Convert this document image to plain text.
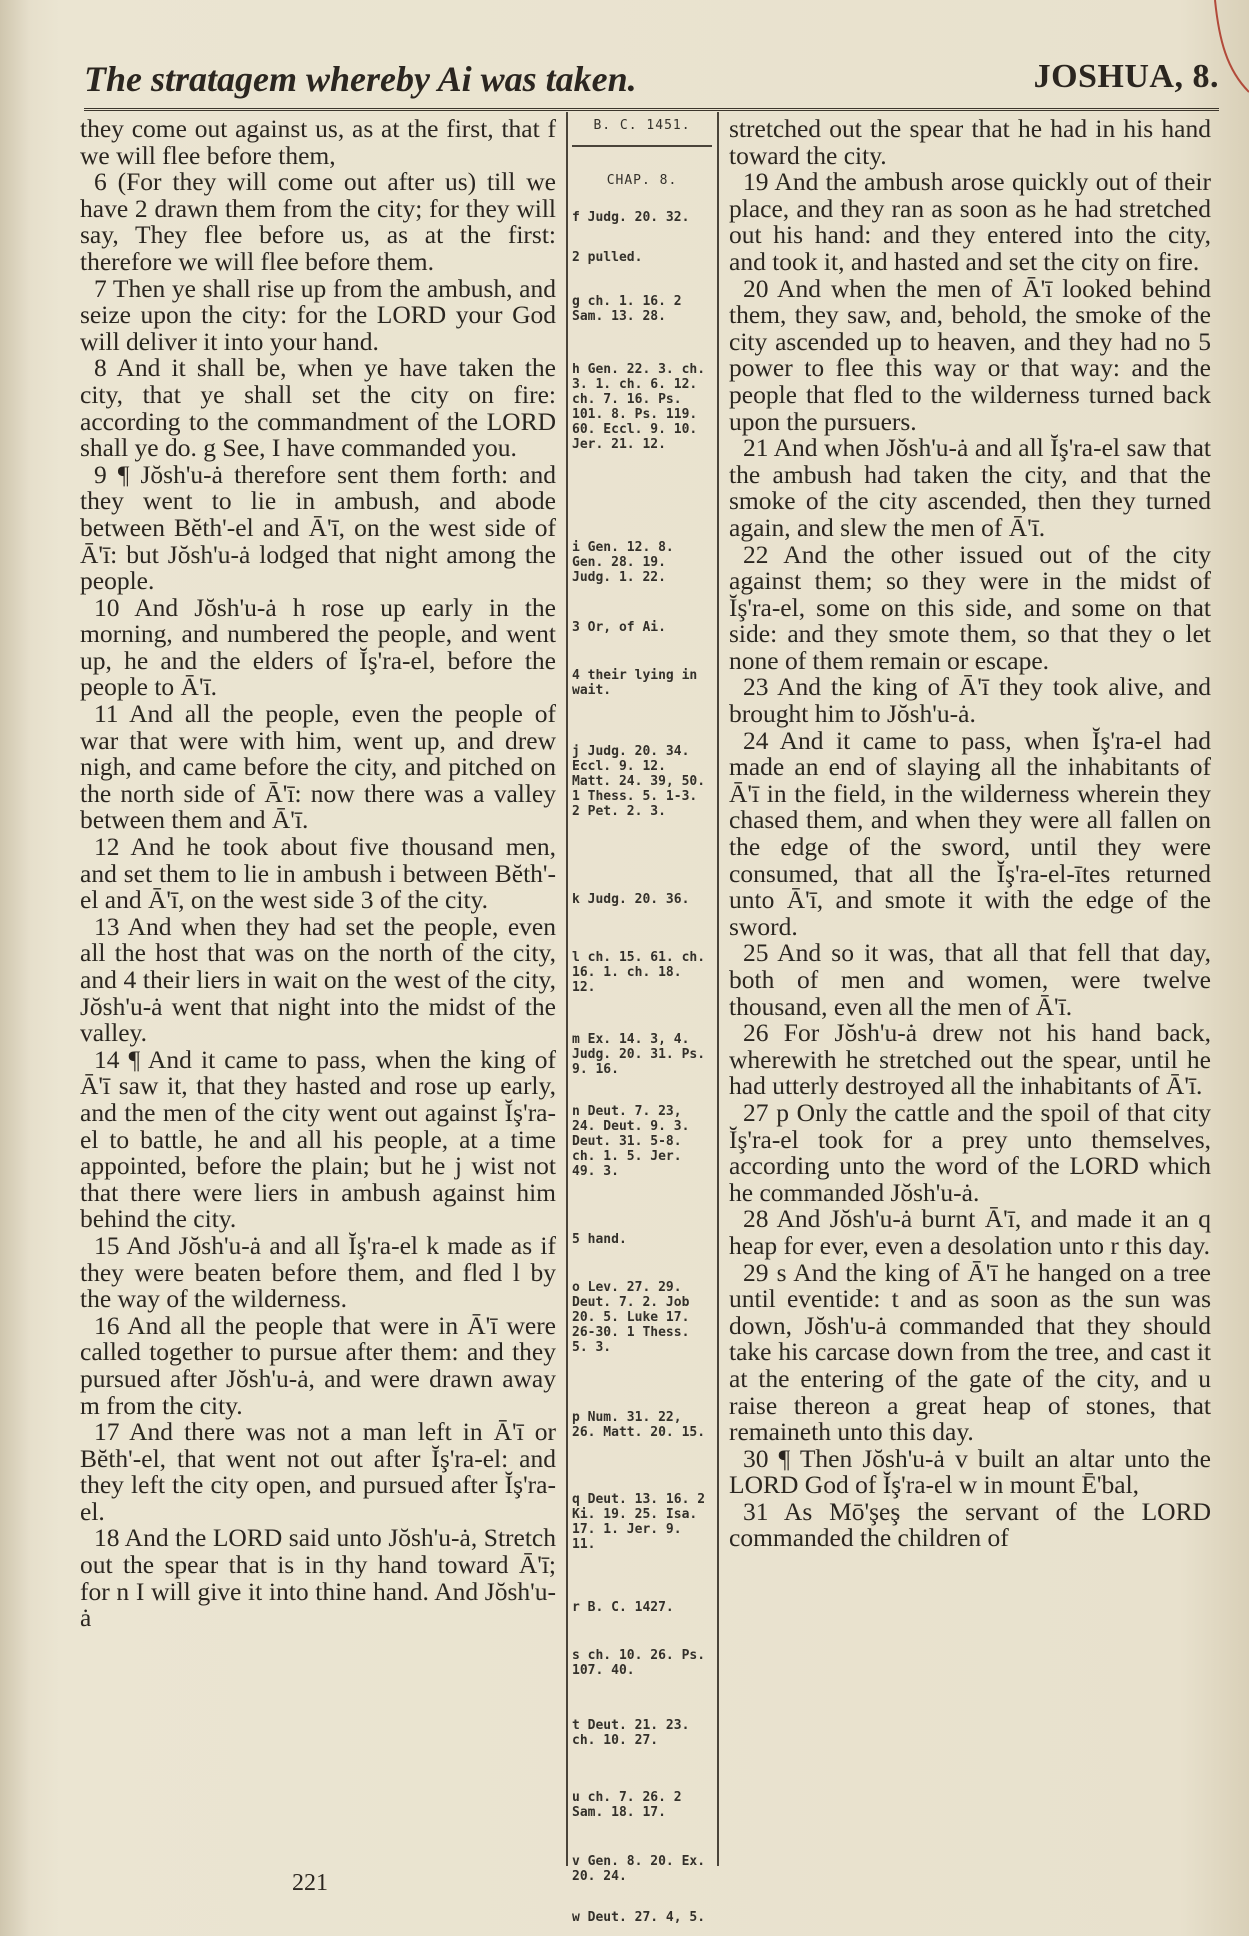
The stratagem whereby Ai was taken.	JOSHUA, 8.

they come out against us, as at the first, that f we will flee before them,

6 (For they will come out after us) till we have 2 drawn them from the city; for they will say, They flee before us, as at the first: therefore we will flee before them.

7 Then ye shall rise up from the ambush, and seize upon the city: for the LORD your God will deliver it into your hand.

8 And it shall be, when ye have taken the city, that ye shall set the city on fire: according to the commandment of the LORD shall ye do. g See, I have commanded you.

9 ¶ Jŏsh'u-ȧ therefore sent them forth: and they went to lie in ambush, and abode between Bĕth'-el and Ā'ī, on the west side of Ā'ī: but Jŏsh'u-ȧ lodged that night among the people.

10 And Jŏsh'u-ȧ h rose up early in the morning, and numbered the people, and went up, he and the elders of Ĭş'ra-el, before the people to Ā'ī.

11 And all the people, even the people of war that were with him, went up, and drew nigh, and came before the city, and pitched on the north side of Ā'ī: now there was a valley between them and Ā'ī.

12 And he took about five thousand men, and set them to lie in ambush i between Bĕth'-el and Ā'ī, on the west side 3 of the city.

13 And when they had set the people, even all the host that was on the north of the city, and 4 their liers in wait on the west of the city, Jŏsh'u-ȧ went that night into the midst of the valley.

14 ¶ And it came to pass, when the king of Ā'ī saw it, that they hasted and rose up early, and the men of the city went out against Ĭş'ra-el to battle, he and all his people, at a time appointed, before the plain; but he j wist not that there were liers in ambush against him behind the city.

15 And Jŏsh'u-ȧ and all Ĭş'ra-el k made as if they were beaten before them, and fled l by the way of the wilderness.

16 And all the people that were in Ā'ī were called together to pursue after them: and they pursued after Jŏsh'u-ȧ, and were drawn away m from the city.

17 And there was not a man left in Ā'ī or Bĕth'-el, that went not out after Ĭş'ra-el: and they left the city open, and pursued after Ĭş'ra-el.

18 And the LORD said unto Jŏsh'u-ȧ, Stretch out the spear that is in thy hand toward Ā'ī; for n I will give it into thine hand. And Jŏsh'u-ȧ

B. C. 1451.
CHAP. 8.
f Judg. 20. 32.
2 pulled.
g ch. 1. 16. 2 Sam. 13. 28.
h Gen. 22. 3. ch. 3. 1. ch. 6. 12. ch. 7. 16. Ps. 101. 8. Ps. 119. 60. Eccl. 9. 10. Jer. 21. 12.
i Gen. 12. 8. Gen. 28. 19. Judg. 1. 22.
3 Or, of Ai.
4 their lying in wait.
j Judg. 20. 34. Eccl. 9. 12. Matt. 24. 39, 50. 1 Thess. 5. 1-3. 2 Pet. 2. 3.
k Judg. 20. 36.
l ch. 15. 61. ch. 16. 1. ch. 18. 12.
m Ex. 14. 3, 4. Judg. 20. 31. Ps. 9. 16.
n Deut. 7. 23, 24. Deut. 9. 3. Deut. 31. 5-8. ch. 1. 5. Jer. 49. 3.
5 hand.
o Lev. 27. 29. Deut. 7. 2. Job 20. 5. Luke 17. 26-30. 1 Thess. 5. 3.
p Num. 31. 22, 26. Matt. 20. 15.
q Deut. 13. 16. 2 Ki. 19. 25. Isa. 17. 1. Jer. 9. 11.
r B. C. 1427.
s ch. 10. 26. Ps. 107. 40.
t Deut. 21. 23. ch. 10. 27.
u ch. 7. 26. 2 Sam. 18. 17.
v Gen. 8. 20. Ex. 20. 24.
w Deut. 27. 4, 5.

stretched out the spear that he had in his hand toward the city.

19 And the ambush arose quickly out of their place, and they ran as soon as he had stretched out his hand: and they entered into the city, and took it, and hasted and set the city on fire.

20 And when the men of Ā'ī looked behind them, they saw, and, behold, the smoke of the city ascended up to heaven, and they had no 5 power to flee this way or that way: and the people that fled to the wilderness turned back upon the pursuers.

21 And when Jŏsh'u-ȧ and all Ĭş'ra-el saw that the ambush had taken the city, and that the smoke of the city ascended, then they turned again, and slew the men of Ā'ī.

22 And the other issued out of the city against them; so they were in the midst of Ĭş'ra-el, some on this side, and some on that side: and they smote them, so that they o let none of them remain or escape.

23 And the king of Ā'ī they took alive, and brought him to Jŏsh'u-ȧ.

24 And it came to pass, when Ĭş'ra-el had made an end of slaying all the inhabitants of Ā'ī in the field, in the wilderness wherein they chased them, and when they were all fallen on the edge of the sword, until they were consumed, that all the Ĭş'ra-el-ītes returned unto Ā'ī, and smote it with the edge of the sword.

25 And so it was, that all that fell that day, both of men and women, were twelve thousand, even all the men of Ā'ī.

26 For Jŏsh'u-ȧ drew not his hand back, wherewith he stretched out the spear, until he had utterly destroyed all the inhabitants of Ā'ī.

27 p Only the cattle and the spoil of that city Ĭş'ra-el took for a prey unto themselves, according unto the word of the LORD which he commanded Jŏsh'u-ȧ.

28 And Jŏsh'u-ȧ burnt Ā'ī, and made it an q heap for ever, even a desolation unto r this day.

29 s And the king of Ā'ī he hanged on a tree until eventide: t and as soon as the sun was down, Jŏsh'u-ȧ commanded that they should take his carcase down from the tree, and cast it at the entering of the gate of the city, and u raise thereon a great heap of stones, that remaineth unto this day.

30 ¶ Then Jŏsh'u-ȧ v built an altar unto the LORD God of Ĭş'ra-el w in mount Ē'bal,

31 As Mō'şeş the servant of the LORD commanded the children of

221
